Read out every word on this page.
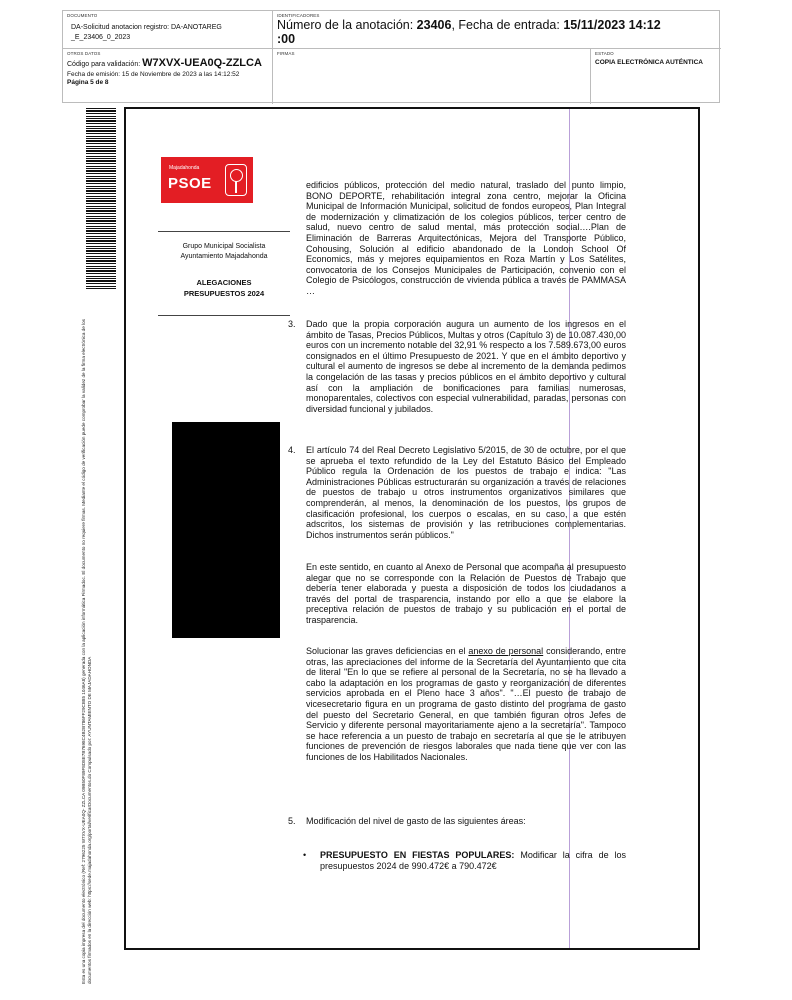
DOCUMENTO
DA-Solicitud anotacion registro: DA-ANOTAREG
_E_23406_0_2023
IDENTIFICADORES
Número de la anotación: 23406, Fecha de entrada: 15/11/2023 14:12
:00
OTROS DATOS
Código para validación: W7XVX-UEA0Q-ZZLCA
Fecha de emisión: 15 de Noviembre de 2023 a las 14:12:52
Página 5 de 8
FIRMAS	ESTADO
COPIA ELECTRÓNICA AUTÉNTICA
Esta es una copia impresa del documento electrónico (Ref: 2796225 W7XVX-UEA0Q- ZZLCA 09B50F89F8D8E7B7698C4B2B786FF29CB85 1046A8) generada con la aplicación informática Firmadoc. El documento no requiere firmas. Mediante el código de verificación puede comprobar la validez de la firma electrónica de los documentos firmados en la dirección web: https://sede.majadahonda.org/portal/verificarDocumentos.do Compulsado por: AYUNTAMIENTO DE MAJADAHONDA
Majadahonda
PSOE
Grupo Municipal Socialista
Ayuntamiento Majadahonda
ALEGACIONES
PRESUPUESTOS 2024
edificios públicos, protección del medio natural, traslado del punto limpio, BONO DEPORTE, rehabilitación integral zona centro, mejorar la Oficina Municipal de Información Municipal, solicitud de fondos europeos, Plan Integral de modernización y climatización de los colegios públicos, tercer centro de salud, nuevo centro de salud mental, más protección social….Plan de Eliminación de Barreras Arquitectónicas, Mejora del Transporte Público, Cohousing, Solución al edificio abandonado de la London School Of Economics, más y mejores equipamientos en Roza Martín y Los Satélites, convocatoria de los Consejos Municipales de Participación, convenio con el Colegio de Psicólogos, construcción de vivienda pública a través de PAMMASA …
3. Dado que la propia corporación augura un aumento de los ingresos en el ámbito de Tasas, Precios Públicos, Multas y otros (Capítulo 3) de 10.087.430,00 euros con un incremento notable del 32,91 % respecto a los 7.589.673,00 euros consignados en el último Presupuesto de 2021. Y que en el ámbito deportivo y cultural el aumento de ingresos se debe al incremento de la demanda pedimos la congelación de las tasas y precios públicos en el ámbito deportivo y cultural así con la ampliación de bonificaciones para familias numerosas, monoparentales, colectivos con especial vulnerabilidad, paradas, personas con diversidad funcional y jubilados.
4. El artículo 74 del Real Decreto Legislativo 5/2015, de 30 de octubre, por el que se aprueba el texto refundido de la Ley del Estatuto Básico del Empleado Público regula la Ordenación de los puestos de trabajo e indica: "Las Administraciones Públicas estructurarán su organización a través de relaciones de puestos de trabajo u otros instrumentos organizativos similares que comprenderán, al menos, la denominación de los puestos, los grupos de clasificación profesional, los cuerpos o escalas, en su caso, a que estén adscritos, los sistemas de provisión y las retribuciones complementarias. Dichos instrumentos serán públicos."
En este sentido, en cuanto al Anexo de Personal que acompaña al presupuesto alegar que no se corresponde con la Relación de Puestos de Trabajo que debería tener elaborada y puesta a disposición de todos los ciudadanos a través del portal de trasparencia, instando por ello a que se elabore la preceptiva relación de puestos de trabajo y su publicación en el portal de trasparencia.
Solucionar las graves deficiencias en el anexo de personal considerando, entre otras, las apreciaciones del informe de la Secretaría del Ayuntamiento que cita de literal "En lo que se refiere al personal de la Secretaría, no se ha llevado a cabo la adaptación en los programas de gasto y reorganización de diferentes servicios aprobada en el Pleno hace 3 años". "…El puesto de trabajo de vicesecretario figura en un programa de gasto distinto del programa de gasto del puesto del Secretario General, en que también figuran otros Jefes de Servicio y diferente personal mayoritariamente ajeno a la secretaría". Tampoco se hace referencia a un puesto de trabajo en secretaría al que se le atribuyen funciones de prevención de riesgos laborales que nada tiene que ver con las funciones de los Habilitados Nacionales.
5. Modificación del nivel de gasto de las siguientes áreas:
• PRESUPUESTO EN FIESTAS POPULARES: Modificar la cifra de los presupuestos 2024 de 990.472€ a 790.472€
